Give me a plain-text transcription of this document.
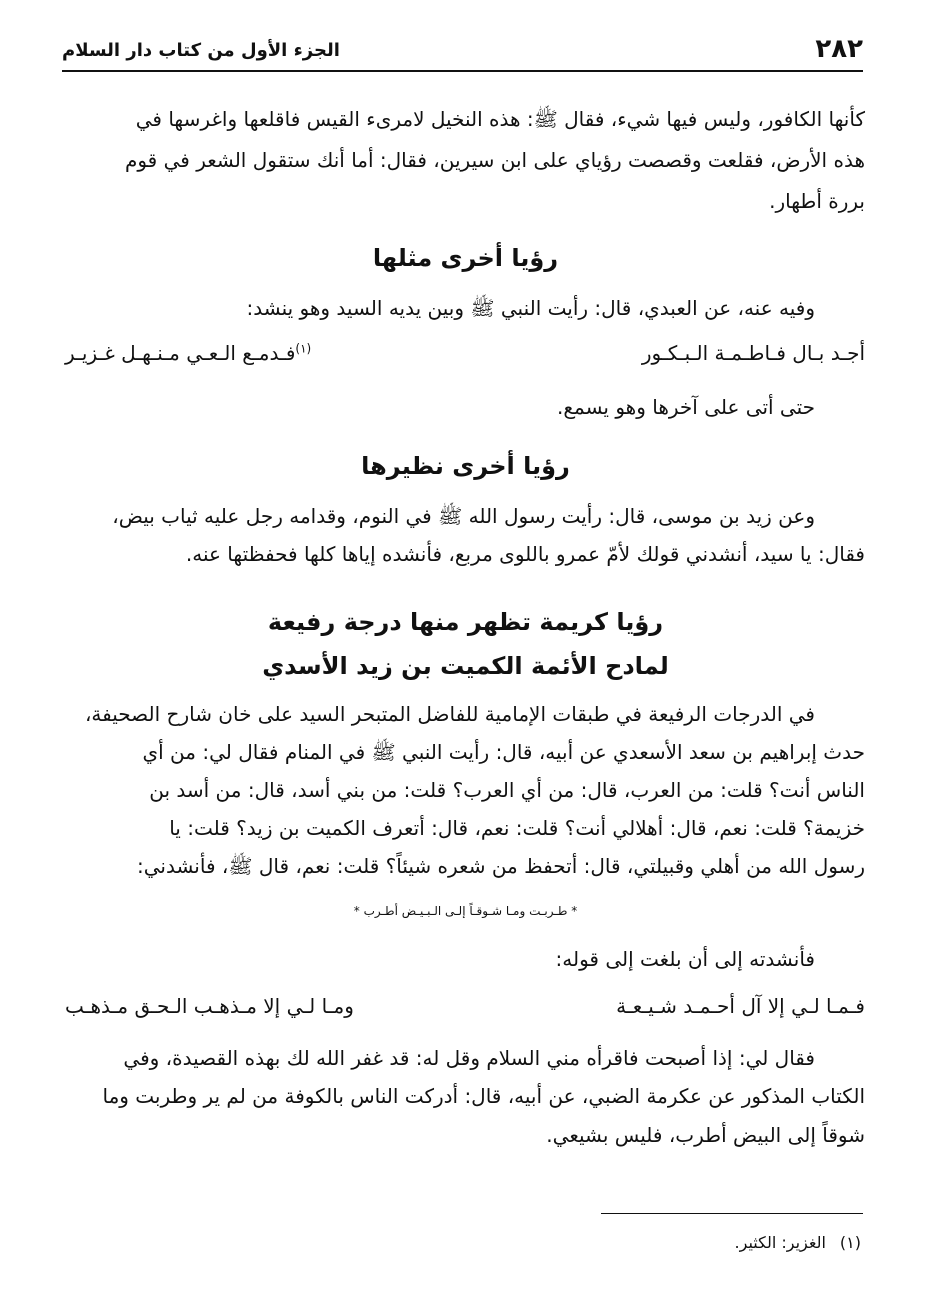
٢٨٢
الجزء الأول من كتاب دار السلام
كأنها الكافور، وليس فيها شيء، فقال ﷺ: هذه النخيل لامرىء القيس فاقلعها واغرسها في
هذه الأرض، فقلعت وقصصت رؤياي على ابن سيرين، فقال: أما أنك ستقول الشعر في قوم
بررة أطهار.
رؤيا أخرى مثلها
وفيه عنه، عن العبدي، قال: رأيت النبي ﷺ وبين يديه السيد وهو ينشد:
أجـد بـال فـاطـمـة الـبـكـور
$^{(١)}$فـدمـع الـعـي مـنـهـل غـزيـر
حتى أتى على آخرها وهو يسمع.
رؤيا أخرى نظيرها
وعن زيد بن موسى، قال: رأيت رسول الله ﷺ في النوم، وقدامه رجل عليه ثياب بيض،
فقال: يا سيد، أنشدني قولك لأمّ عمرو باللوى مربع، فأنشده إياها كلها فحفظتها عنه.
رؤيا كريمة تظهر منها درجة رفيعة
لمادح الأئمة الكميت بن زيد الأسدي
في الدرجات الرفيعة في طبقات الإمامية للفاضل المتبحر السيد على خان شارح الصحيفة،
حدث إبراهيم بن سعد الأسعدي عن أبيه، قال: رأيت النبي ﷺ في المنام فقال لي: من أي
الناس أنت؟ قلت: من العرب، قال: من أي العرب؟ قلت: من بني أسد، قال: من أسد بن
خزيمة؟ قلت: نعم، قال: أهلالي أنت؟ قلت: نعم، قال: أتعرف الكميت بن زيد؟ قلت: يا
رسول الله من أهلي وقبيلتي، قال: أتحفظ من شعره شيئاً؟ قلت: نعم، قال ﷺ، فأنشدني:
* طـربـت ومـا شـوقـاً إلـى الـبـيـض أطـرب *
فأنشدته إلى أن بلغت إلى قوله:
فـمـا لـي إلا آل أحـمـد شـيـعـة
ومـا لـي إلا مـذهـب الـحـق مـذهـب
فقال لي: إذا أصبحت فاقرأه مني السلام وقل له: قد غفر الله لك بهذه القصيدة، وفي
الكتاب المذكور عن عكرمة الضبي، عن أبيه، قال: أدركت الناس بالكوفة من لم ير وطربت وما
شوقاً إلى البيض أطرب، فليس بشيعي.
(١)الغزير: الكثير.
